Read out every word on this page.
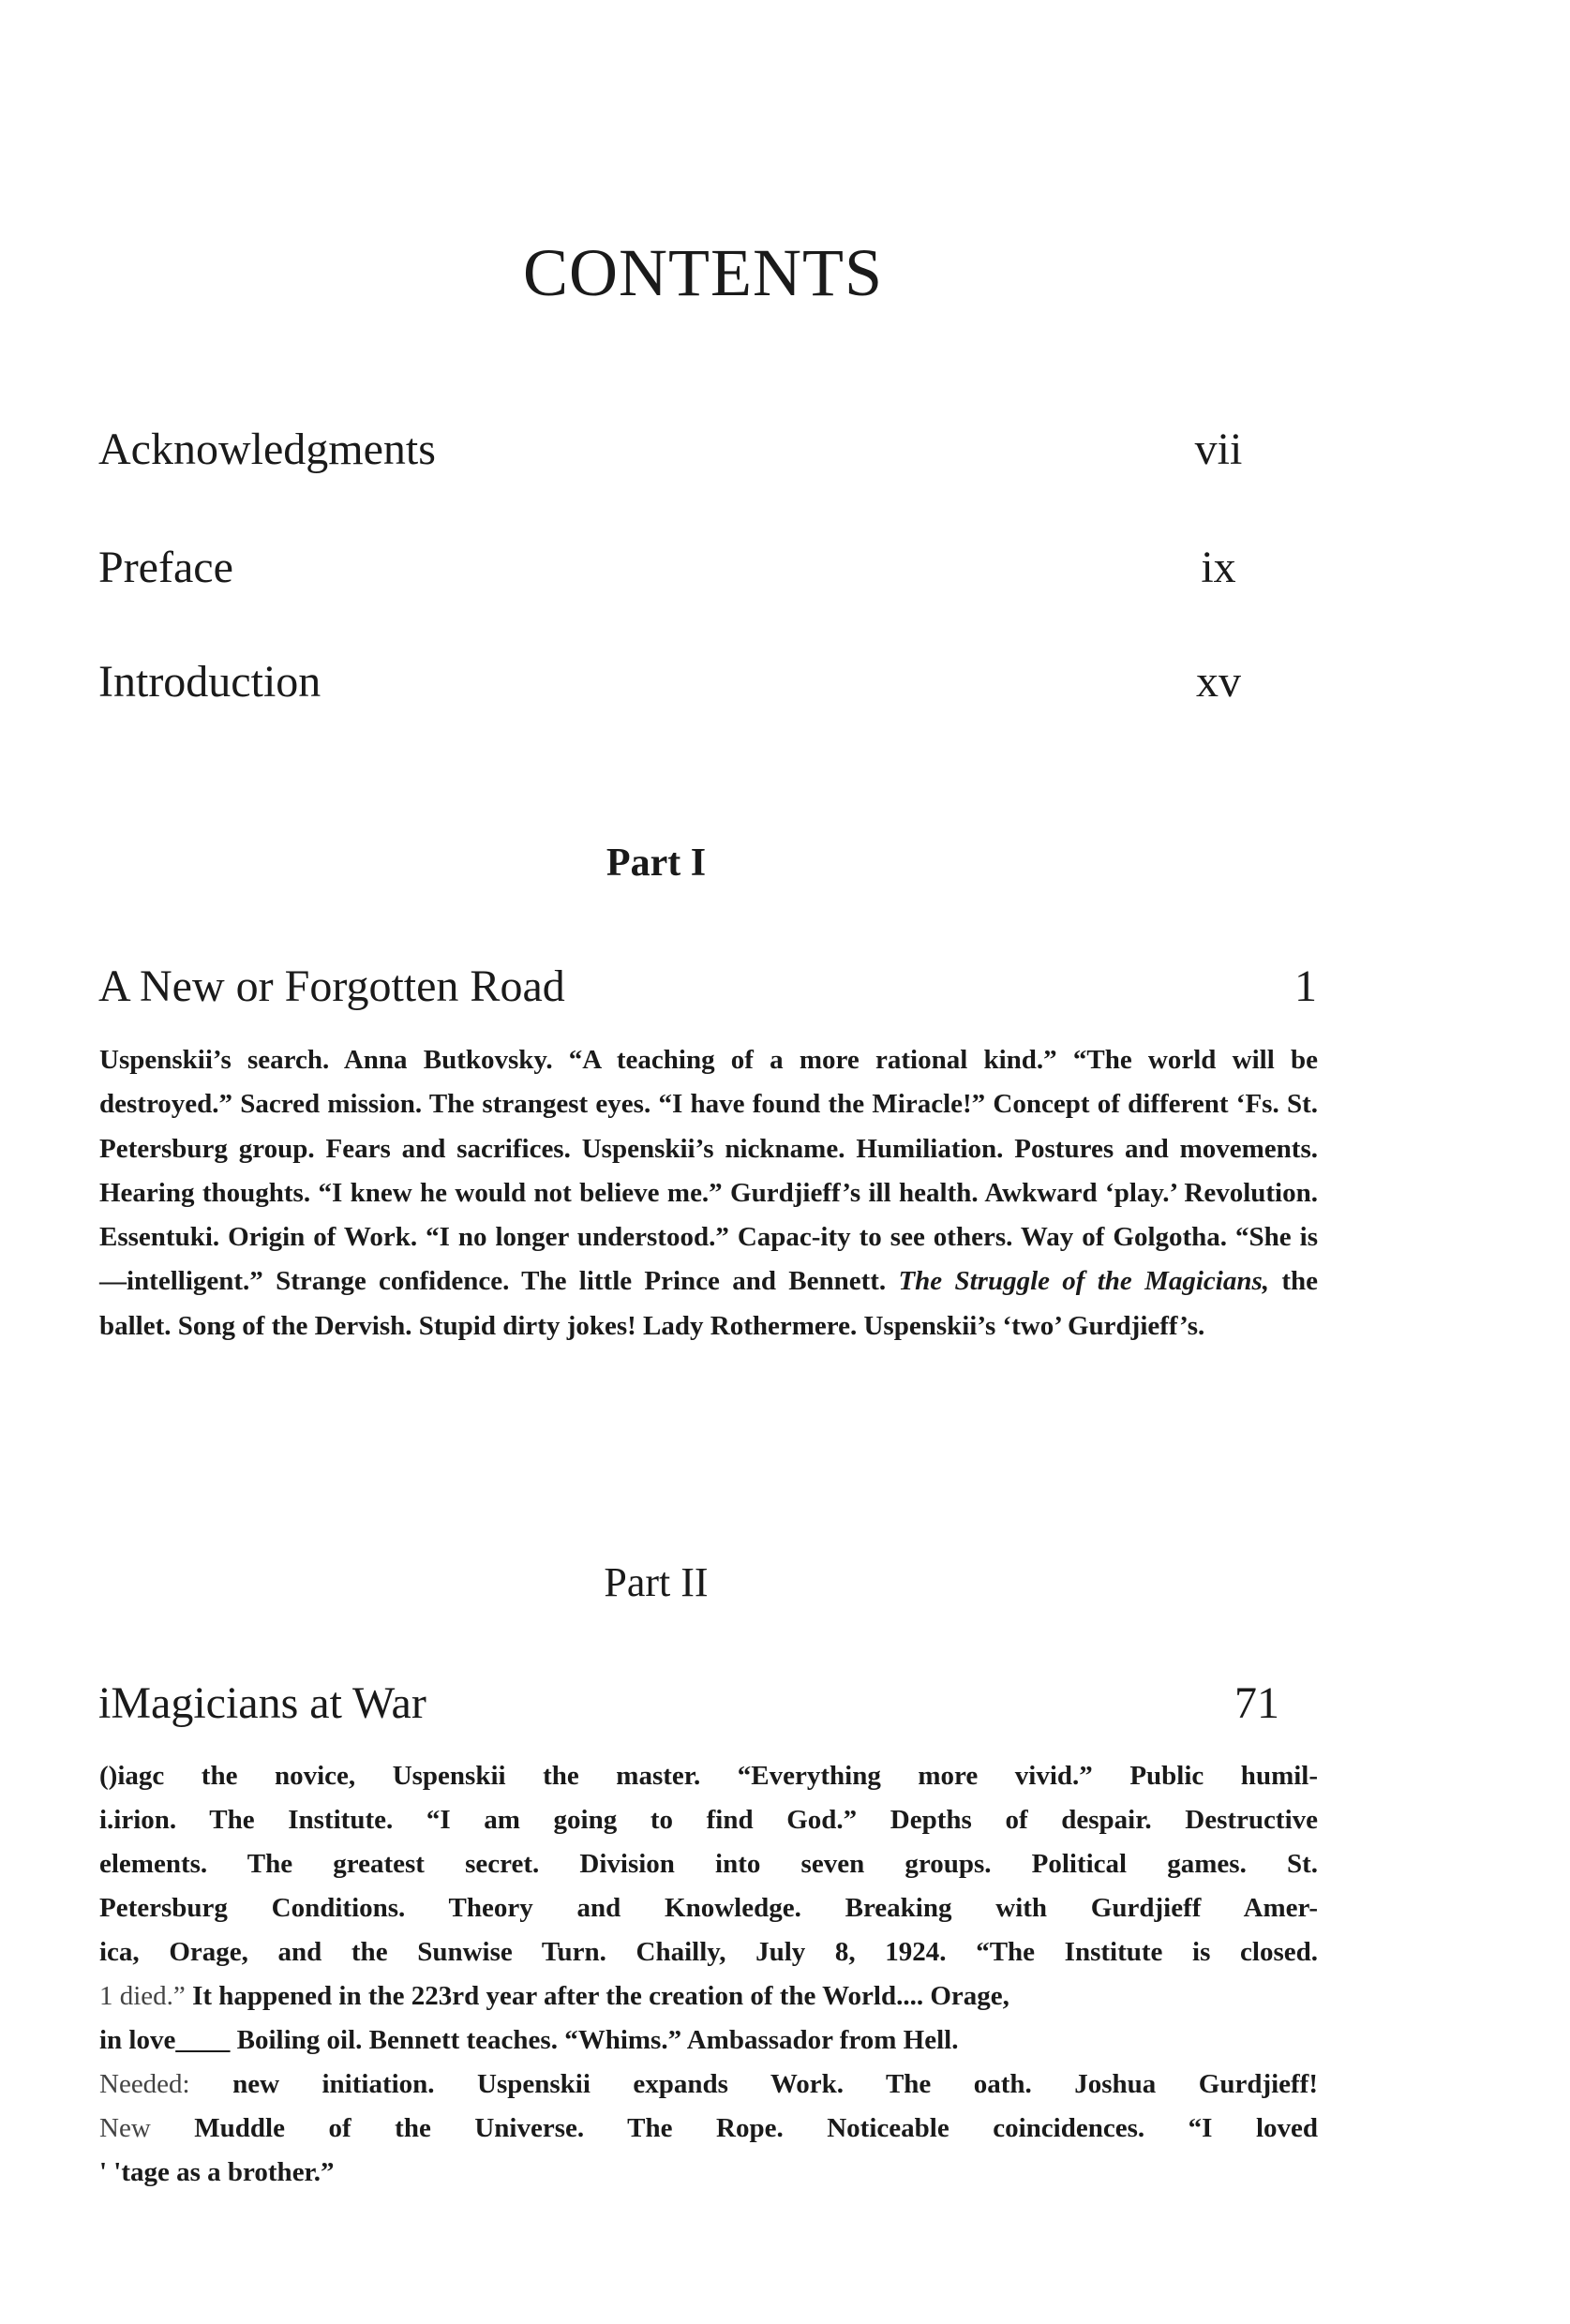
CONTENTS
Acknowledgments	vii
Preface	ix
Introduction	xv
Part I
A New or Forgotten Road	1

Uspenskii’s search. Anna Butkovsky. “A teaching of a more rational kind.” “The world will be destroyed.” Sacred mission. The strangest eyes. “I have found the Miracle!” Concept of different ‘Fs. St. Petersburg group. Fears and sacrifices. Uspenskii’s nickname. Humiliation. Postures and movements. Hearing thoughts. “I knew he would not believe me.” Gurdjieff’s ill health. Awkward ‘play.’ Revolution. Essentuki. Origin of Work. “I no longer understood.” Capac-ity to see others. Way of Golgotha. “She is—intelligent.” Strange confidence. The little Prince and Bennett. The Struggle of the Magicians, the ballet. Song of the Dervish. Stupid dirty jokes! Lady Rothermere. Uspenskii’s ‘two’ Gurdjieff’s.

Part II
iMagicians at War	71
()iagc the novice, Uspenskii the master. “Everything more vivid.” Public humil-
i.irion. The Institute. “I am going to find God.” Depths of despair. Destructive
elements. The greatest secret. Division into seven groups. Political games. St.
Petersburg Conditions. Theory and Knowledge. Breaking with Gurdjieff Amer-
ica, Orage, and the Sunwise Turn. Chailly, July 8, 1924. “The Institute is closed.
1 died.” It happened in the 223rd year after the creation of the World.... Orage,
in love____ Boiling oil. Bennett teaches. “Whims.” Ambassador from Hell.
Needed: new initiation. Uspenskii expands Work. The oath. Joshua Gurdjieff!
New Muddle of the Universe. The Rope. Noticeable coincidences. “I loved
' 'tage as a brother.”
